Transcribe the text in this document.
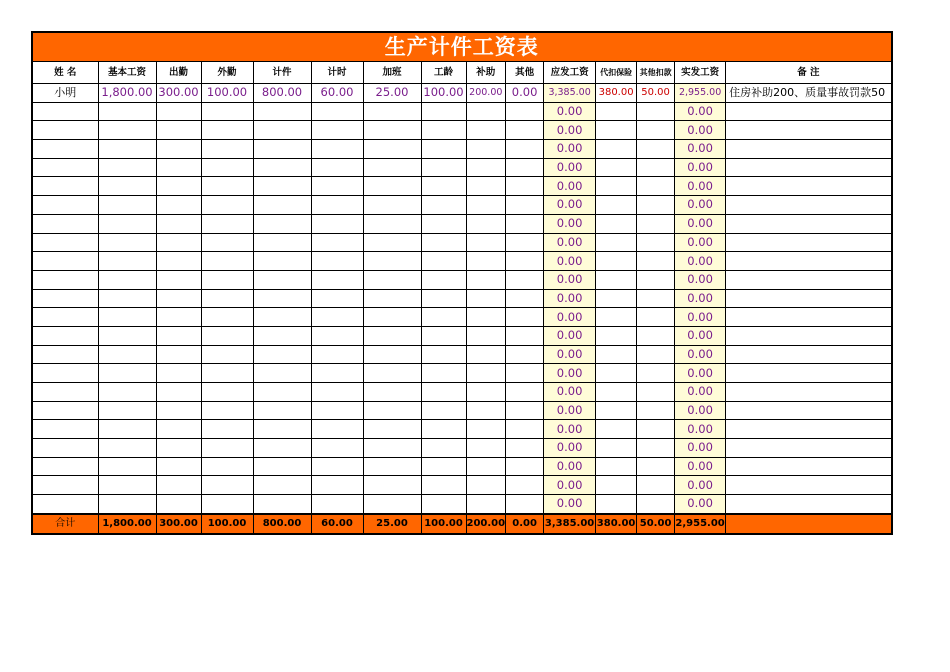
生产计件工资表														
姓 名	基本工资	出勤	外勤	计件	计时	加班	工龄	补助	其他	应发工资	代扣保险	其他扣款	实发工资	备 注
小明	1,800.00	300.00	100.00	800.00	60.00	25.00	100.00	200.00	0.00	3,385.00	380.00	50.00	2,955.00	住房补助200、质量事故罚款50
										0.00			0.00	
										0.00			0.00	
										0.00			0.00	
										0.00			0.00	
										0.00			0.00	
										0.00			0.00	
										0.00			0.00	
										0.00			0.00	
										0.00			0.00	
										0.00			0.00	
										0.00			0.00	
										0.00			0.00	
										0.00			0.00	
										0.00			0.00	
										0.00			0.00	
										0.00			0.00	
										0.00			0.00	
										0.00			0.00	
										0.00			0.00	
										0.00			0.00	
										0.00			0.00	
										0.00			0.00	
合计	1,800.00	300.00	100.00	800.00	60.00	25.00	100.00	200.00	0.00	3,385.00	380.00	50.00	2,955.00	
